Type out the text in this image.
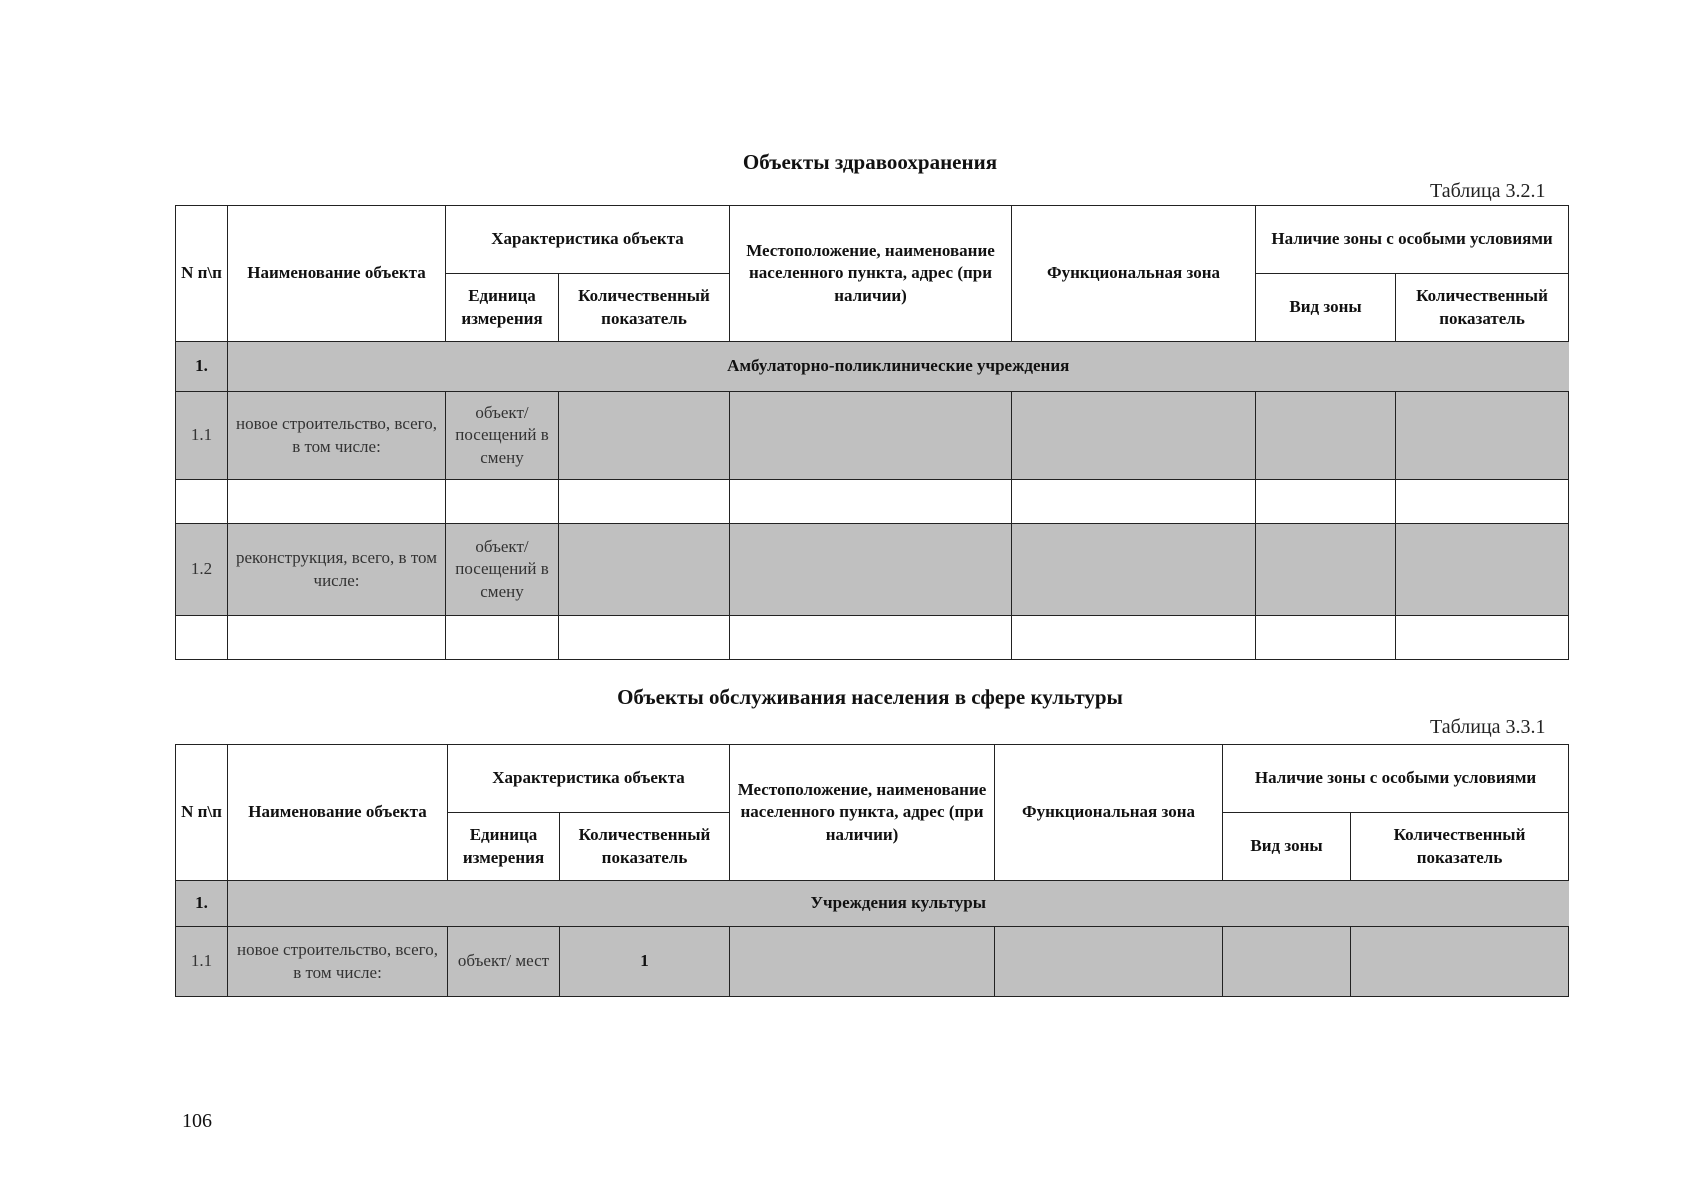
Объекты здравоохранения
Таблица 3.2.1
N п\п	Наименование объекта	Характеристика объекта		Местоположение, наименование населенного пункта, адрес (при наличии)	Функциональная зона	Наличие зоны с особыми условиями	
		Единица измерения	Количественный показатель			Вид зоны	Количественный показатель
1.	Амбулаторно-поликлинические учреждения						
1.1	новое строительство, всего, в том числе:	объект/ посещений в смену					

1.2	реконструкция, всего, в том числе:	объект/ посещений в смену					

Объекты обслуживания населения в сфере культуры
Таблица 3.3.1
N п\п	Наименование объекта	Характеристика объекта		Местоположение, наименование населенного пункта, адрес (при наличии)	Функциональная зона	Наличие зоны с особыми условиями	
		Единица измерения	Количественный показатель			Вид зоны	Количественный показатель
1.	Учреждения культуры						
1.1	новое строительство, всего, в том числе:	объект/ мест	1				
106
